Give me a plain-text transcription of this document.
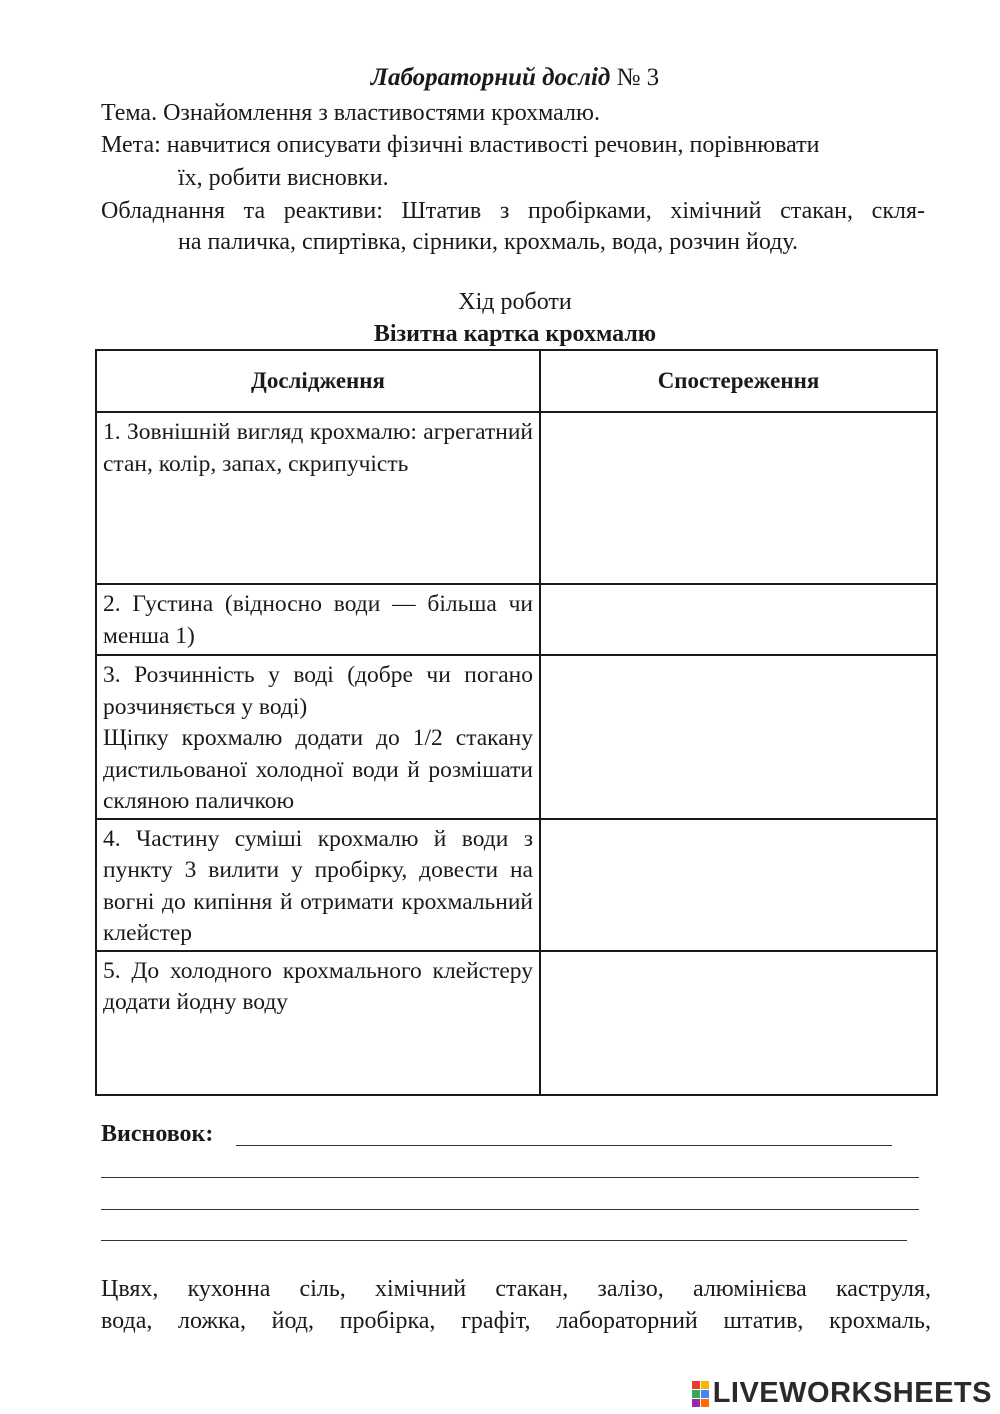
Лабораторний дослід № 3
Тема. Ознайомлення з властивостями крохмалю.
Мета: навчитися описувати фізичні властивості речовин, порівнювати
їх, робити висновки.
Обладнання та реактиви: Штатив з пробірками, хімічний стакан, скля-
на паличка, спиртівка, сірники, крохмаль, вода, розчин йоду.
Хід роботи
Візитна картка крохмалю
Дослідження	Спостереження

1. Зовнішній вигляд крохмалю: агрегатний стан, колір, запах, скрипучість

2. Густина (відносно води — більша чи менша 1)

3. Розчинність у воді (добре чи погано розчиняється у воді)
Щіпку крохмалю додати до 1/2 стакану дистильованої холодної води й розмішати скляною паличкою

4. Частину суміші крохмалю й води з пункту 3 вилити у пробірку, довести на вогні до кипіння й отримати крохмальний клейстер

5. До холодного крохмального клейстеру додати йодну воду

Висновок:
Цвях, кухонна сіль, хімічний стакан, залізо, алюмінієва каструля,
вода, ложка, йод, пробірка, графіт, лабораторний штатив, крохмаль,
LIVEWORKSHEETS
